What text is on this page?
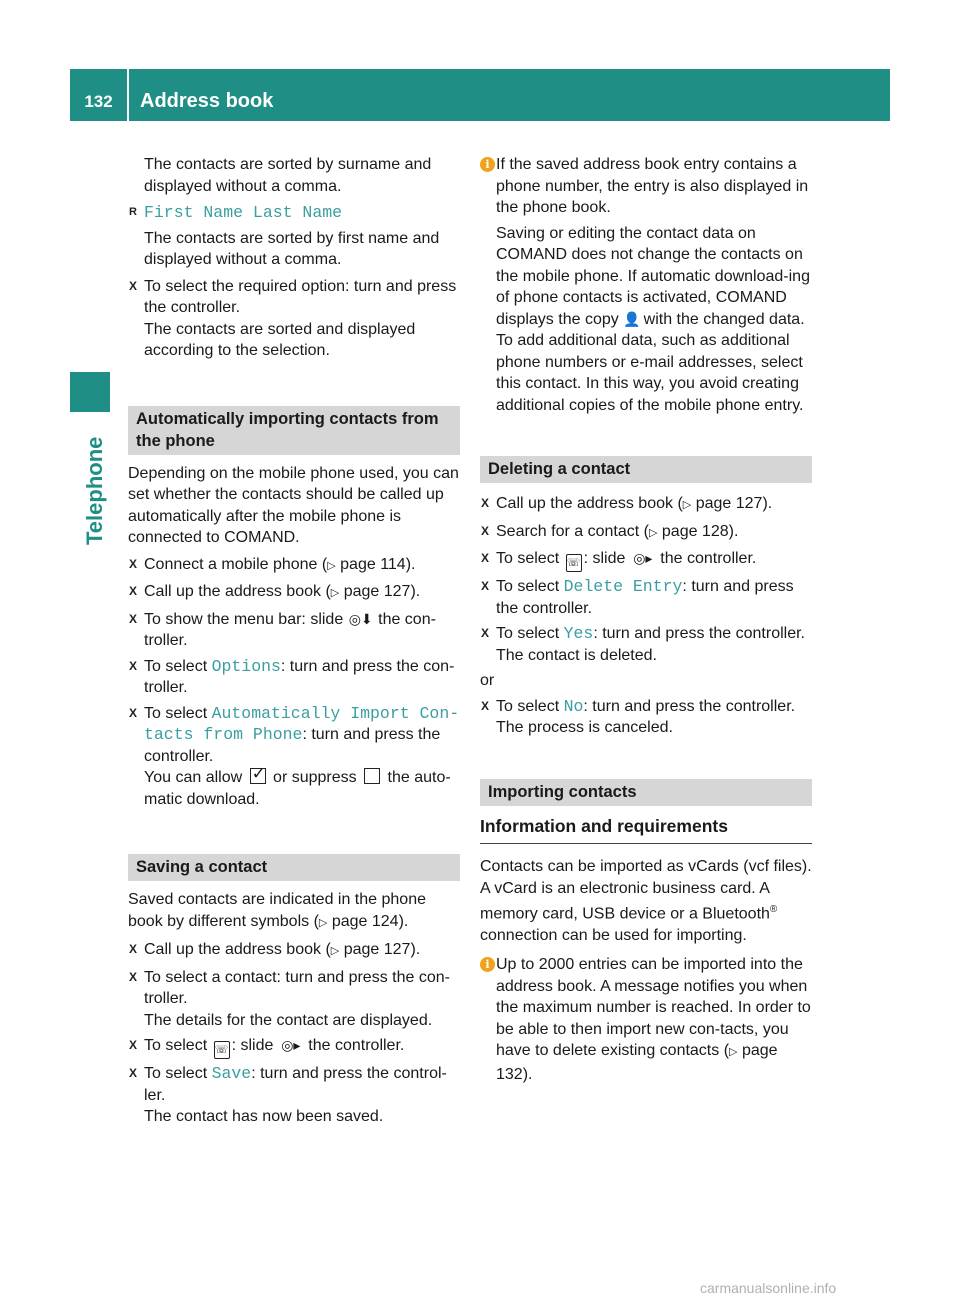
132	Address book
Telephone

The contacts are sorted by surname and displayed without a comma.

R First Name Last Name

The contacts are sorted by first name and displayed without a comma.

X To select the required option: turn and press the controller.
The contacts are sorted and displayed according to the selection.
Automatically importing contacts from the phone

Depending on the mobile phone used, you can set whether the contacts should be called up automatically after the mobile phone is connected to COMAND.

X Connect a mobile phone (▷ page 114).
X Call up the address book (▷ page 127).
X To show the menu bar: slide ◎⬇ the con-troller.
X To select Options: turn and press the con-troller.
X To select Automatically Import Con‐
tacts from Phone: turn and press the controller.
You can allow ✓ or suppress  the auto-matic download.
Saving a contact

Saved contacts are indicated in the phone book by different symbols (▷ page 124).

X Call up the address book (▷ page 127).
X To select a contact: turn and press the con-troller.
The details for the contact are displayed.
X To select ☏ : slide ◎▸ the controller.
X To select Save: turn and press the control-ler.
The contact has now been saved.
i If the saved address book entry contains a phone number, the entry is also displayed in the phone book.

Saving or editing the contact data on COMAND does not change the contacts on the mobile phone. If automatic download-ing of phone contacts is activated, COMAND displays the copy 👤 with the changed data. To add additional data, such as additional phone numbers or e-mail addresses, select this contact. In this way, you avoid creating additional copies of the mobile phone entry.

Deleting a contact
X Call up the address book (▷ page 127).
X Search for a contact (▷ page 128).
X To select ☏ : slide ◎▸ the controller.
X To select Delete Entry: turn and press the controller.
X To select Yes: turn and press the controller.
The contact is deleted.

or

X To select No: turn and press the controller.
The process is canceled.
Importing contacts
Information and requirements

Contacts can be imported as vCards (vcf files). A vCard is an electronic business card. A memory card, USB device or a Bluetooth® connection can be used for importing.

i Up to 2000 entries can be imported into the address book. A message notifies you when the maximum number is reached. In order to be able to then import new con-tacts, you have to delete existing contacts (▷ page 132).

carmanualsonline.info
